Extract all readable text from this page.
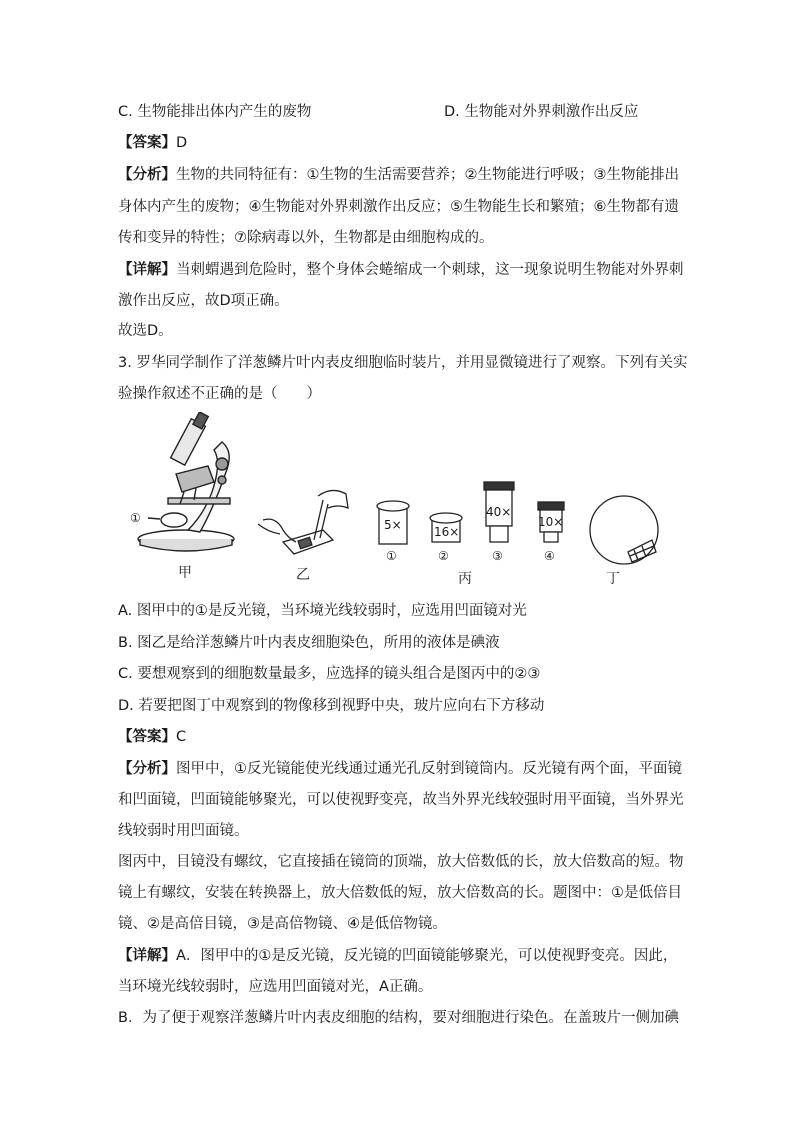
C. 生物能排出体内产生的废物	D. 生物能对外界刺激作出反应
【答案】D
【分析】生物的共同特征有：①生物的生活需要营养；②生物能进行呼吸；③生物能排出
身体内产生的废物；④生物能对外界刺激作出反应；⑤生物能生长和繁殖；⑥生物都有遗
传和变异的特性；⑦除病毒以外，生物都是由细胞构成的。
【详解】当刺蝟遇到危险时，整个身体会蜷缩成一个刺球，这一现象说明生物能对外界刺
激作出反应，故D项正确。
故选D。
3. 罗华同学制作了洋葱鳞片叶内表皮细胞临时装片，并用显微镜进行了观察。下列有关实
验操作叙述不正确的是（　　）
①
甲	乙
5×	16×
40×
10×
①	②	③	④
丙	丁
A. 图甲中的①是反光镜，当环境光线较弱时，应选用凹面镜对光
B. 图乙是给洋葱鳞片叶内表皮细胞染色，所用的液体是碘液
C. 要想观察到的细胞数量最多，应选择的镜头组合是图丙中的②③
D. 若要把图丁中观察到的物像移到视野中央，玻片应向右下方移动
【答案】C
【分析】图甲中，①反光镜能使光线通过通光孔反射到镜筒内。反光镜有两个面，平面镜
和凹面镜，凹面镜能够聚光，可以使视野变亮，故当外界光线较强时用平面镜，当外界光
线较弱时用凹面镜。
图丙中，目镜没有螺纹，它直接插在镜筒的顶端，放大倍数低的长，放大倍数高的短。物
镜上有螺纹，安装在转换器上，放大倍数低的短，放大倍数高的长。题图中：①是低倍目
镜、②是高倍目镜，③是高倍物镜、④是低倍物镜。
【详解】A．图甲中的①是反光镜，反光镜的凹面镜能够聚光，可以使视野变亮。因此，
当环境光线较弱时，应选用凹面镜对光，A正确。
B．为了便于观察洋葱鳞片叶内表皮细胞的结构，要对细胞进行染色。在盖玻片一侧加碘
